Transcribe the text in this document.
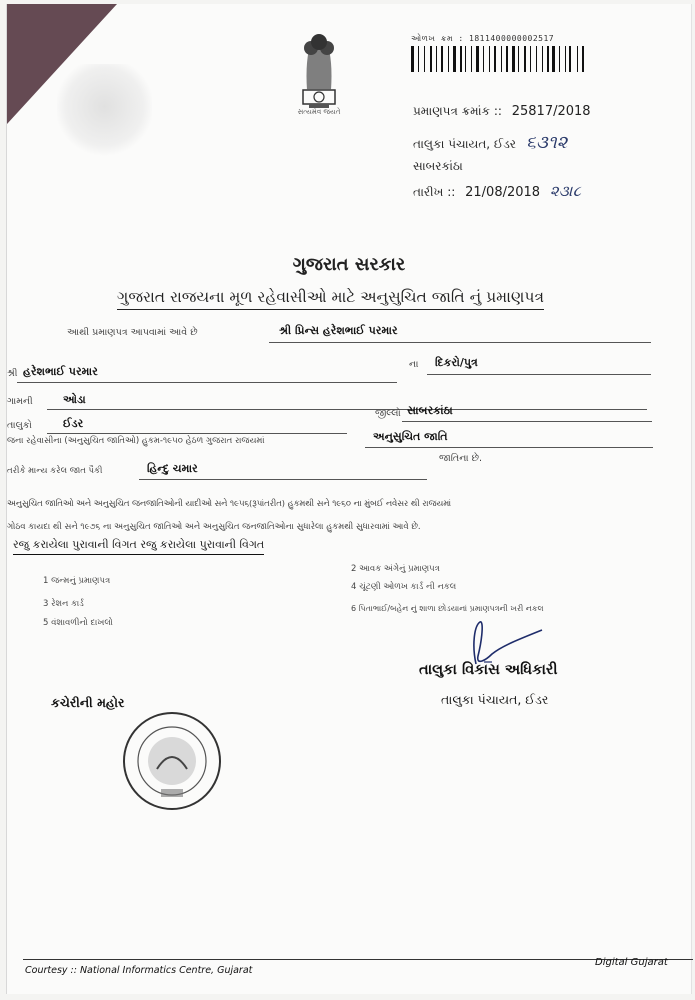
સત્યમેવ જયતે
ઓળખ ક્રમ : 1811400000002517
પ્રમાણપત્ર ક્રમાંક :: 25817/2018
તાલુકા પંચાયત, ઈડર ૬૩૧૨
સાબરકાંઠા
તારીખ :: 21/08/2018 ૨૩।૮
ગુજરાત સરકાર
ગુજરાત રાજયના મૂળ રહેવાસીઓ માટે અનુસુચિત જાતિ નું પ્રમાણપત્ર
આથી પ્રમાણપત્ર આપવામાં આવે છે	શ્રી પ્રિન્સ હરેશભાઈ પરમાર
શ્રી હરેશભાઈ પરમાર
ના દિકરો/પુત્ર
ગામની	ઓડા
તાલુકો	ઈડર
જીલ્લો સાબરકાંઠા
જના રહેવાસીના (અનુસુચિત જાતિઓ) હુકમ-૧૯૫૦ હેઠળ ગુજરાત રાજયમાં	અનુસુચિત જાતિ
તરીકે માન્ય કરેલ જાત પૈકી	હિન્દુ ચમાર
જાતિના છે.
અનુસુચિત જાતિઓ અને અનુસુચિત જનજાતિઓની યાદીઓ સને ૧૯૫૬(રૂપાંતરીત) હુકમથી સને ૧૯૬૦ ના મુંબઈ નવેસર થી રાજયમાં
ગોઠવ કાયદા થી સને ૧૯૭૬ ના અનુસુચિત જાતિઓ અને અનુસુચિત જનજાતિઓના સુધારેલા હુકમથી સુધારવામાં આવે છે.
રજુ કરાયેલા પુરાવાની વિગત રજુ કરાયેલા પુરાવાની વિગત
1 જન્મનું પ્રમાણપત્ર
3 રેશન કાર્ડ
5 વંશાવળીનો દાખલો
2 આવક અંગેનું પ્રમાણપત્ર
4 ચૂંટણી ઓળખ કાર્ડ ની નકલ
6 પિતાભાઈ/બહેન નું શાળા છોડયાનાં પ્રમાણપત્રની ખરી નકલ
તાલુકા વિકાસ અધિકારી
તાલુકા પંચાયત, ઈડર
કચેરીની મહોર
Courtesy :: National Informatics Centre, Gujarat
Digital Gujarat
